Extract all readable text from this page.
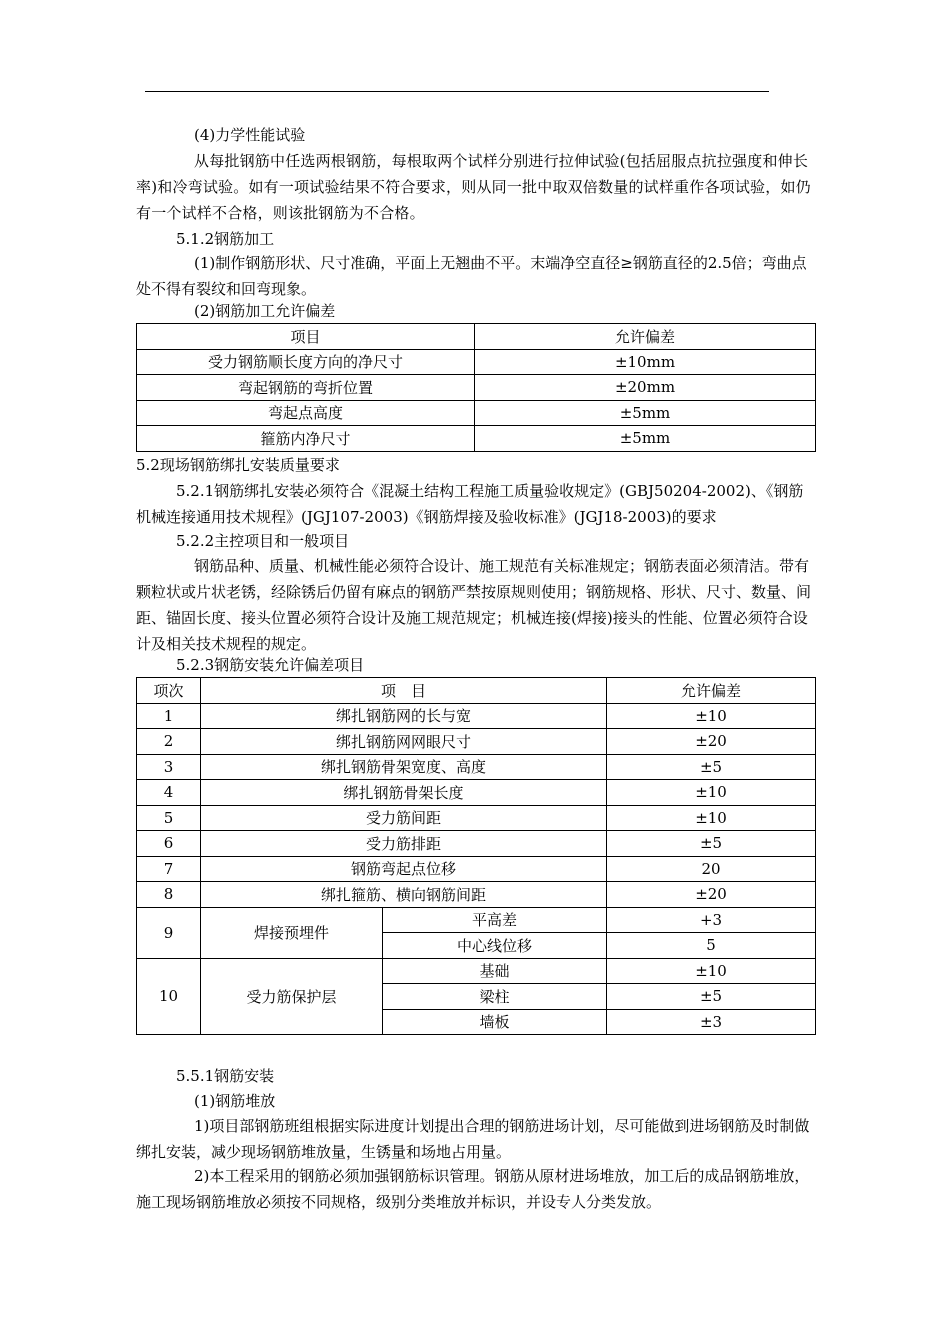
(4)力学性能试验

从每批钢筋中任选两根钢筋，每根取两个试样分别进行拉伸试验(包括屈服点抗拉强度和伸长率)和冷弯试验。如有一项试验结果不符合要求，则从同一批中取双倍数量的试样重作各项试验，如仍有一个试样不合格，则该批钢筋为不合格。

5.1.2钢筋加工

(1)制作钢筋形状、尺寸准确，平面上无翘曲不平。末端净空直径≥钢筋直径的2.5倍；弯曲点处不得有裂纹和回弯现象。

(2)钢筋加工允许偏差

项目	允许偏差
受力钢筋顺长度方向的净尺寸	±10mm
弯起钢筋的弯折位置	±20mm
弯起点高度	±5mm
箍筋内净尺寸	±5mm

5.2现场钢筋绑扎安装质量要求

5.2.1钢筋绑扎安装必须符合《混凝土结构工程施工质量验收规定》(GBJ50204-2002)、《钢筋机械连接通用技术规程》(JGJ107-2003)《钢筋焊接及验收标准》(JGJ18-2003)的要求

5.2.2主控项目和一般项目

钢筋品种、质量、机械性能必须符合设计、施工规范有关标准规定；钢筋表面必须清洁。带有颗粒状或片状老锈，经除锈后仍留有麻点的钢筋严禁按原规则使用；钢筋规格、形状、尺寸、数量、间距、锚固长度、接头位置必须符合设计及施工规范规定；机械连接(焊接)接头的性能、位置必须符合设计及相关技术规程的规定。

5.2.3钢筋安装允许偏差项目

项次	项　目		允许偏差
1	绑扎钢筋网的长与宽		±10
2	绑扎钢筋网网眼尺寸		±20
3	绑扎钢筋骨架宽度、高度		±5
4	绑扎钢筋骨架长度		±10
5	受力筋间距		±10
6	受力筋排距		±5
7	钢筋弯起点位移		20
8	绑扎箍筋、横向钢筋间距		±20
9	焊接预埋件	平高差	+3
		中心线位移	5
10	受力筋保护层	基础	±10
		梁柱	±5
		墙板	±3

5.5.1钢筋安装

(1)钢筋堆放

1)项目部钢筋班组根据实际进度计划提出合理的钢筋进场计划，尽可能做到进场钢筋及时制做绑扎安装，减少现场钢筋堆放量，生锈量和场地占用量。

2)本工程采用的钢筋必须加强钢筋标识管理。钢筋从原材进场堆放，加工后的成品钢筋堆放，施工现场钢筋堆放必须按不同规格，级别分类堆放并标识，并设专人分类发放。
